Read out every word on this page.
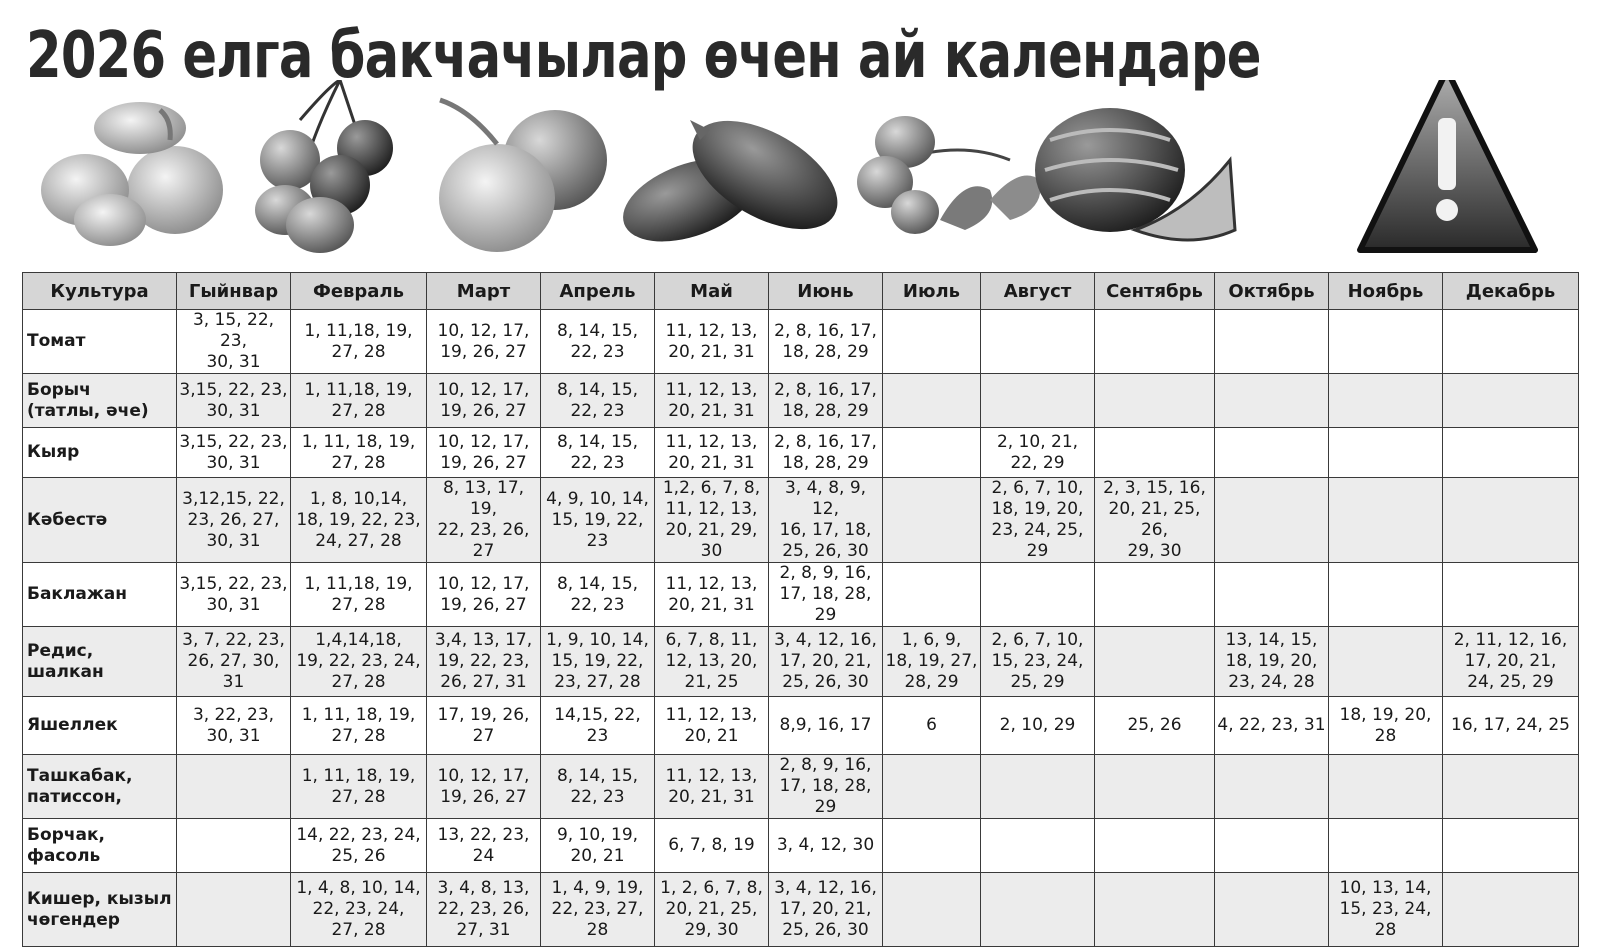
2026 елга бакчачылар өчен ай календаре
Культура	Гыйнвар	Февраль	Март	Апрель	Май	Июнь	Июль	Август	Сентябрь	Октябрь	Ноябрь	Декабрь
Томат	3, 15, 22, 23,
30, 31	1, 11,18, 19,
27, 28	10, 12, 17,
19, 26, 27	8, 14, 15,
22, 23	11, 12, 13,
20, 21, 31	2, 8, 16, 17,
18, 28, 29						
Борыч
(татлы, әче)	3,15, 22, 23,
30, 31	1, 11,18, 19,
27, 28	10, 12, 17,
19, 26, 27	8, 14, 15,
22, 23	11, 12, 13,
20, 21, 31	2, 8, 16, 17,
18, 28, 29						
Кыяр	3,15, 22, 23,
30, 31	1, 11, 18, 19,
27, 28	10, 12, 17,
19, 26, 27	8, 14, 15,
22, 23	11, 12, 13,
20, 21, 31	2, 8, 16, 17,
18, 28, 29		2, 10, 21,
22, 29				
Кәбестә	3,12,15, 22,
23, 26, 27,
30, 31	1, 8, 10,14,
18, 19, 22, 23,
24, 27, 28	8, 13, 17, 19,
22, 23, 26, 27	4, 9, 10, 14,
15, 19, 22, 23	1,2, 6, 7, 8,
11, 12, 13,
20, 21, 29, 30	3, 4, 8, 9, 12,
16, 17, 18,
25, 26, 30		2, 6, 7, 10,
18, 19, 20,
23, 24, 25, 29	2, 3, 15, 16,
20, 21, 25, 26,
29, 30			
Баклажан	3,15, 22, 23,
30, 31	1, 11,18, 19,
27, 28	10, 12, 17,
19, 26, 27	8, 14, 15,
22, 23	11, 12, 13,
20, 21, 31	2, 8, 9, 16,
17, 18, 28, 29						
Редис, шалкан	3, 7, 22, 23,
26, 27, 30, 31	1,4,14,18,
19, 22, 23, 24,
27, 28	3,4, 13, 17,
19, 22, 23,
26, 27, 31	1, 9, 10, 14,
15, 19, 22,
23, 27, 28	6, 7, 8, 11,
12, 13, 20,
21, 25	3, 4, 12, 16,
17, 20, 21,
25, 26, 30	1, 6, 9,
18, 19, 27,
28, 29	2, 6, 7, 10,
15, 23, 24,
25, 29		13, 14, 15,
18, 19, 20,
23, 24, 28		2, 11, 12, 16,
17, 20, 21,
24, 25, 29
Яшеллек	3, 22, 23,
30, 31	1, 11, 18, 19,
27, 28	17, 19, 26, 27	14,15, 22, 23	11, 12, 13,
20, 21	8,9, 16, 17	6	2, 10, 29	25, 26	4, 22, 23, 31	18, 19, 20, 28	16, 17, 24, 25
Ташкабак,
патиссон,		1, 11, 18, 19,
27, 28	10, 12, 17,
19, 26, 27	8, 14, 15,
22, 23	11, 12, 13,
20, 21, 31	2, 8, 9, 16,
17, 18, 28, 29						
Борчак,
фасоль		14, 22, 23, 24,
25, 26	13, 22, 23, 24	9, 10, 19,
20, 21	6, 7, 8, 19	3, 4, 12, 30						
Кишер, кызыл
чөгендер		1, 4, 8, 10, 14,
22, 23, 24,
27, 28	3, 4, 8, 13,
22, 23, 26,
27, 31	1, 4, 9, 19,
22, 23, 27, 28	1, 2, 6, 7, 8,
20, 21, 25,
29, 30	3, 4, 12, 16,
17, 20, 21,
25, 26, 30					10, 13, 14,
15, 23, 24, 28	
